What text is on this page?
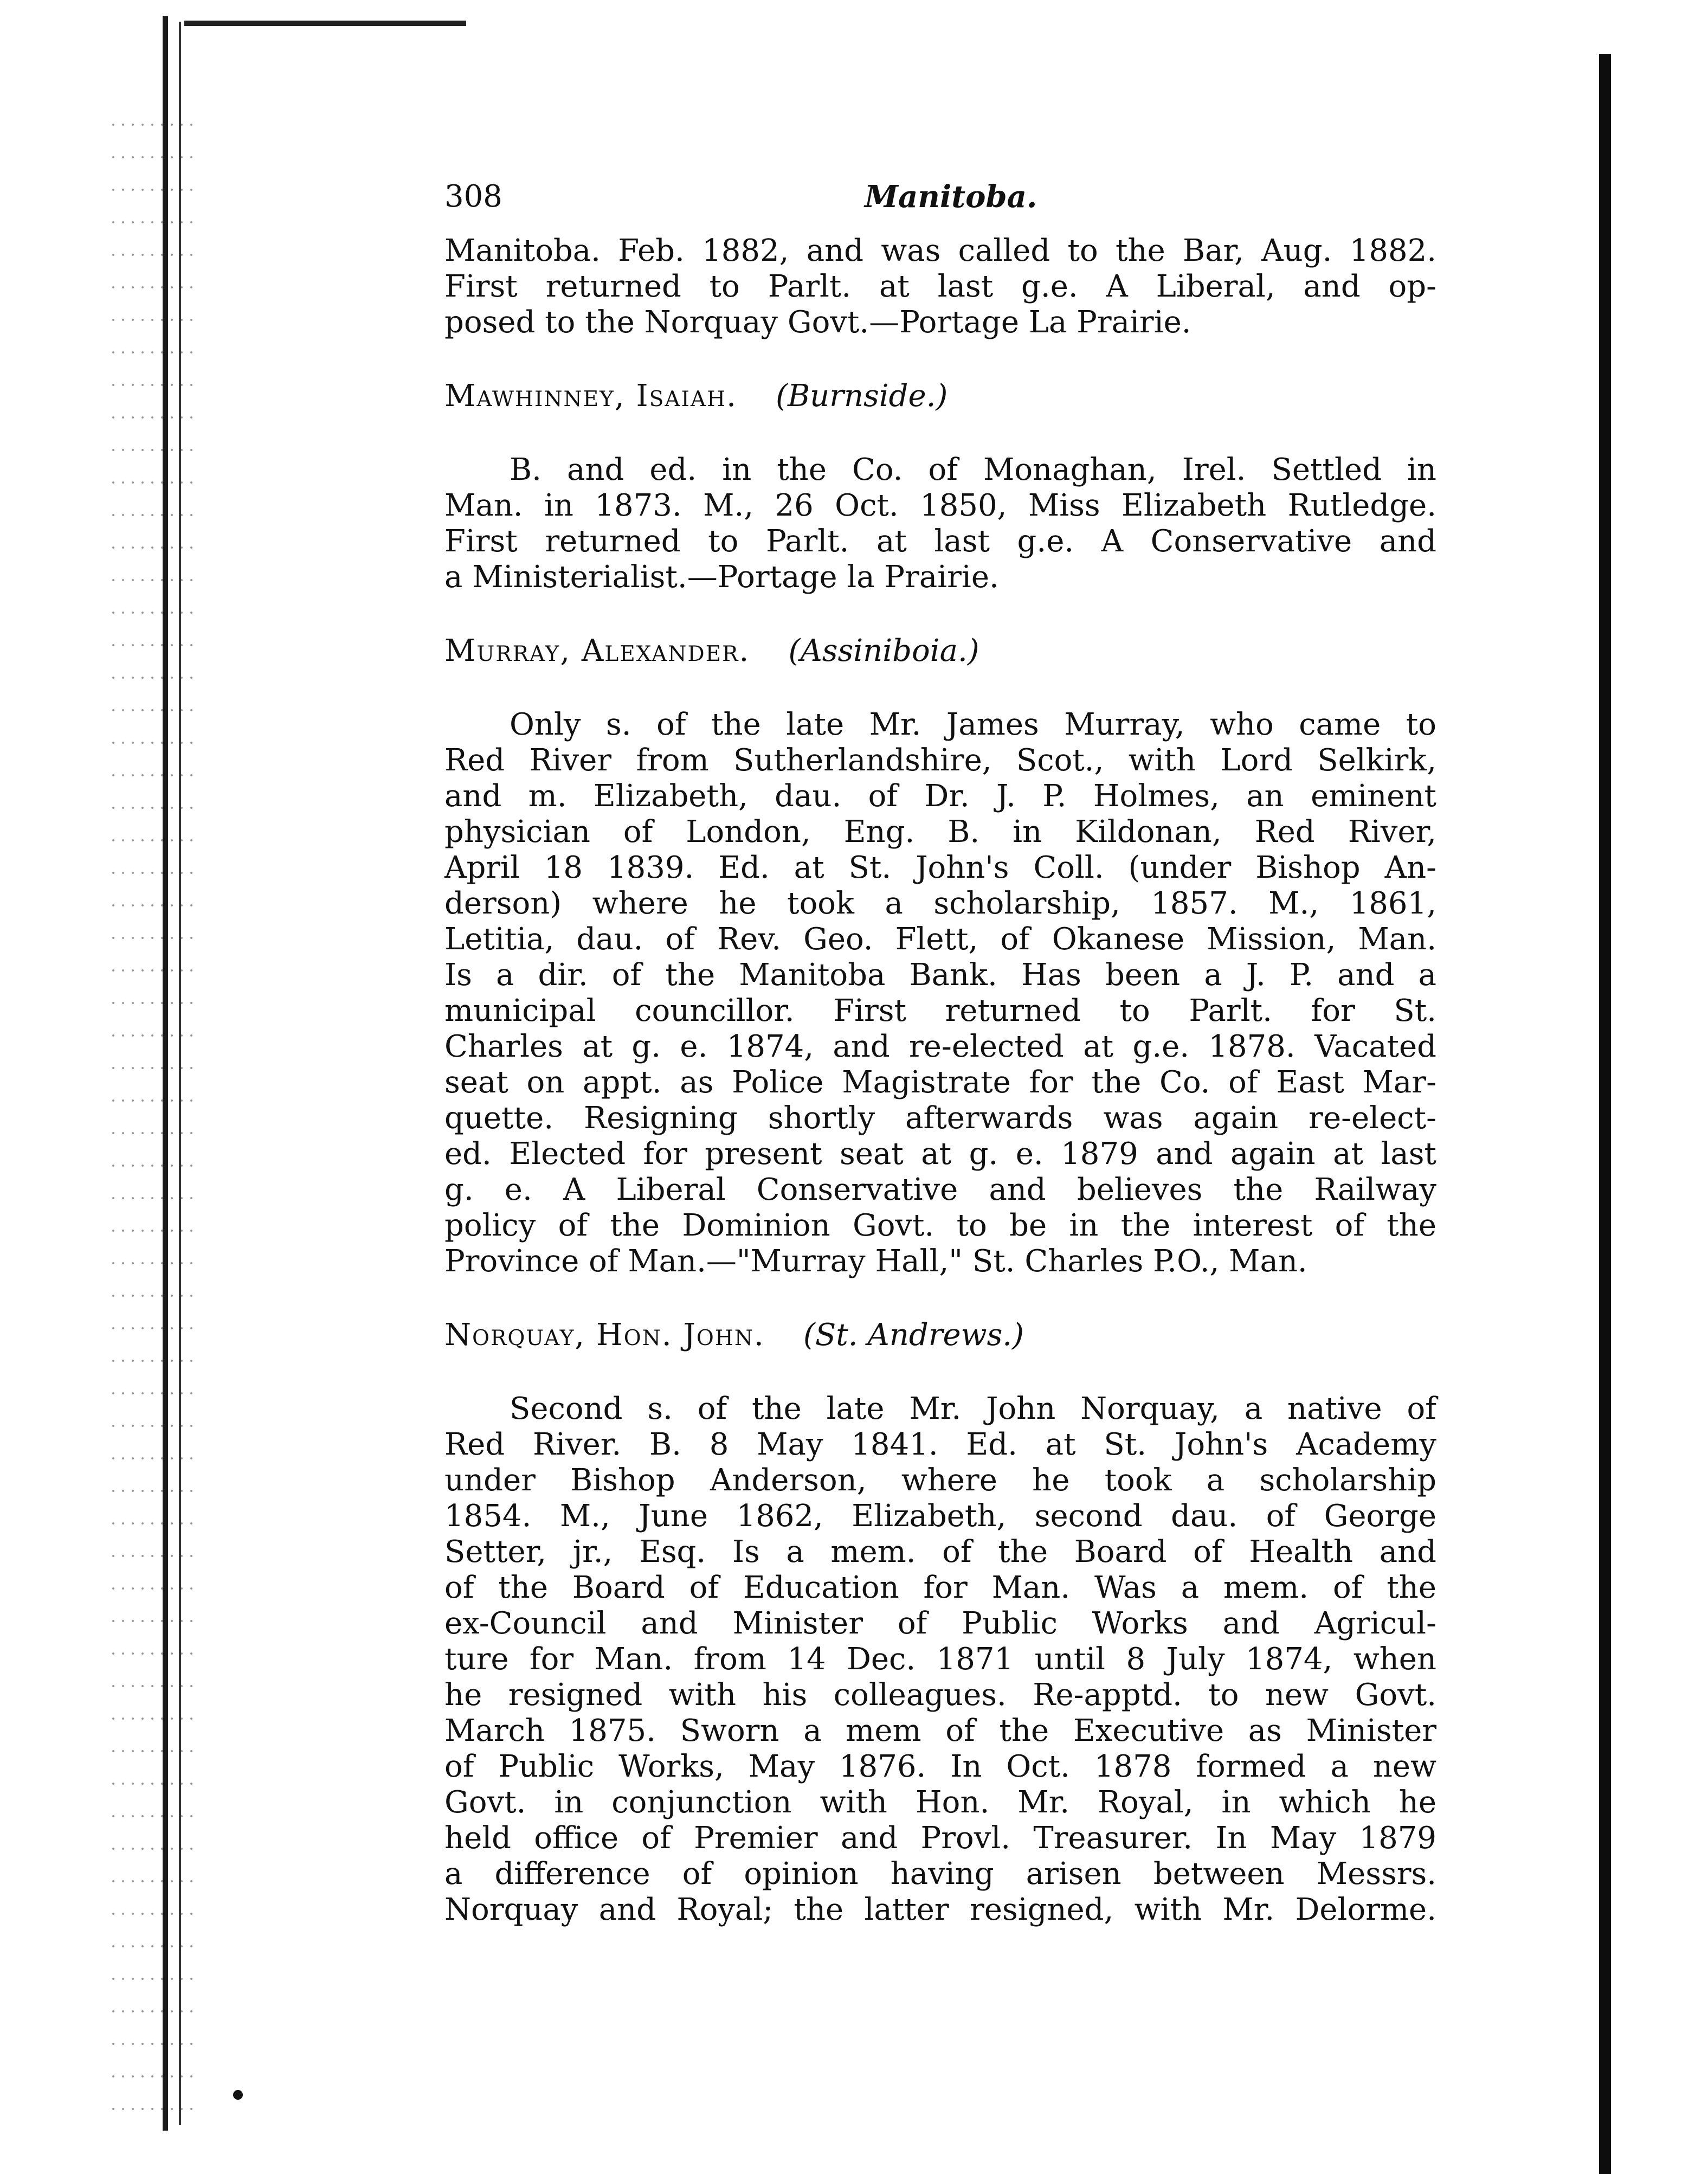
308	Manitoba.
Manitoba. Feb. 1882, and was called to the Bar, Aug. 1882.
First returned to Parlt. at last g.e. A Liberal, and op-
posed to the Norquay Govt.—Portage La Prairie.
Mawhinney, Isaiah. (Burnside.)
B. and ed. in the Co. of Monaghan, Irel. Settled in
Man. in 1873. M., 26 Oct. 1850, Miss Elizabeth Rutledge.
First returned to Parlt. at last g.e. A Conservative and
a Ministerialist.—Portage la Prairie.
Murray, Alexander. (Assiniboia.)
Only s. of the late Mr. James Murray, who came to
Red River from Sutherlandshire, Scot., with Lord Selkirk,
and m. Elizabeth, dau. of Dr. J. P. Holmes, an eminent
physician of London, Eng. B. in Kildonan, Red River,
April 18 1839. Ed. at St. John's Coll. (under Bishop An-
derson) where he took a scholarship, 1857. M., 1861,
Letitia, dau. of Rev. Geo. Flett, of Okanese Mission, Man.
Is a dir. of the Manitoba Bank. Has been a J. P. and a
municipal councillor. First returned to Parlt. for St.
Charles at g. e. 1874, and re-elected at g.e. 1878. Vacated
seat on appt. as Police Magistrate for the Co. of East Mar-
quette. Resigning shortly afterwards was again re-elect-
ed. Elected for present seat at g. e. 1879 and again at last
g. e. A Liberal Conservative and believes the Railway
policy of the Dominion Govt. to be in the interest of the
Province of Man.—"Murray Hall," St. Charles P.O., Man.
Norquay, Hon. John. (St. Andrews.)
Second s. of the late Mr. John Norquay, a native of
Red River. B. 8 May 1841. Ed. at St. John's Academy
under Bishop Anderson, where he took a scholarship
1854. M., June 1862, Elizabeth, second dau. of George
Setter, jr., Esq. Is a mem. of the Board of Health and
of the Board of Education for Man. Was a mem. of the
ex-Council and Minister of Public Works and Agricul-
ture for Man. from 14 Dec. 1871 until 8 July 1874, when
he resigned with his colleagues. Re-apptd. to new Govt.
March 1875. Sworn a mem of the Executive as Minister
of Public Works, May 1876. In Oct. 1878 formed a new
Govt. in conjunction with Hon. Mr. Royal, in which he
held office of Premier and Provl. Treasurer. In May 1879
a difference of opinion having arisen between Messrs.
Norquay and Royal; the latter resigned, with Mr. Delorme.
